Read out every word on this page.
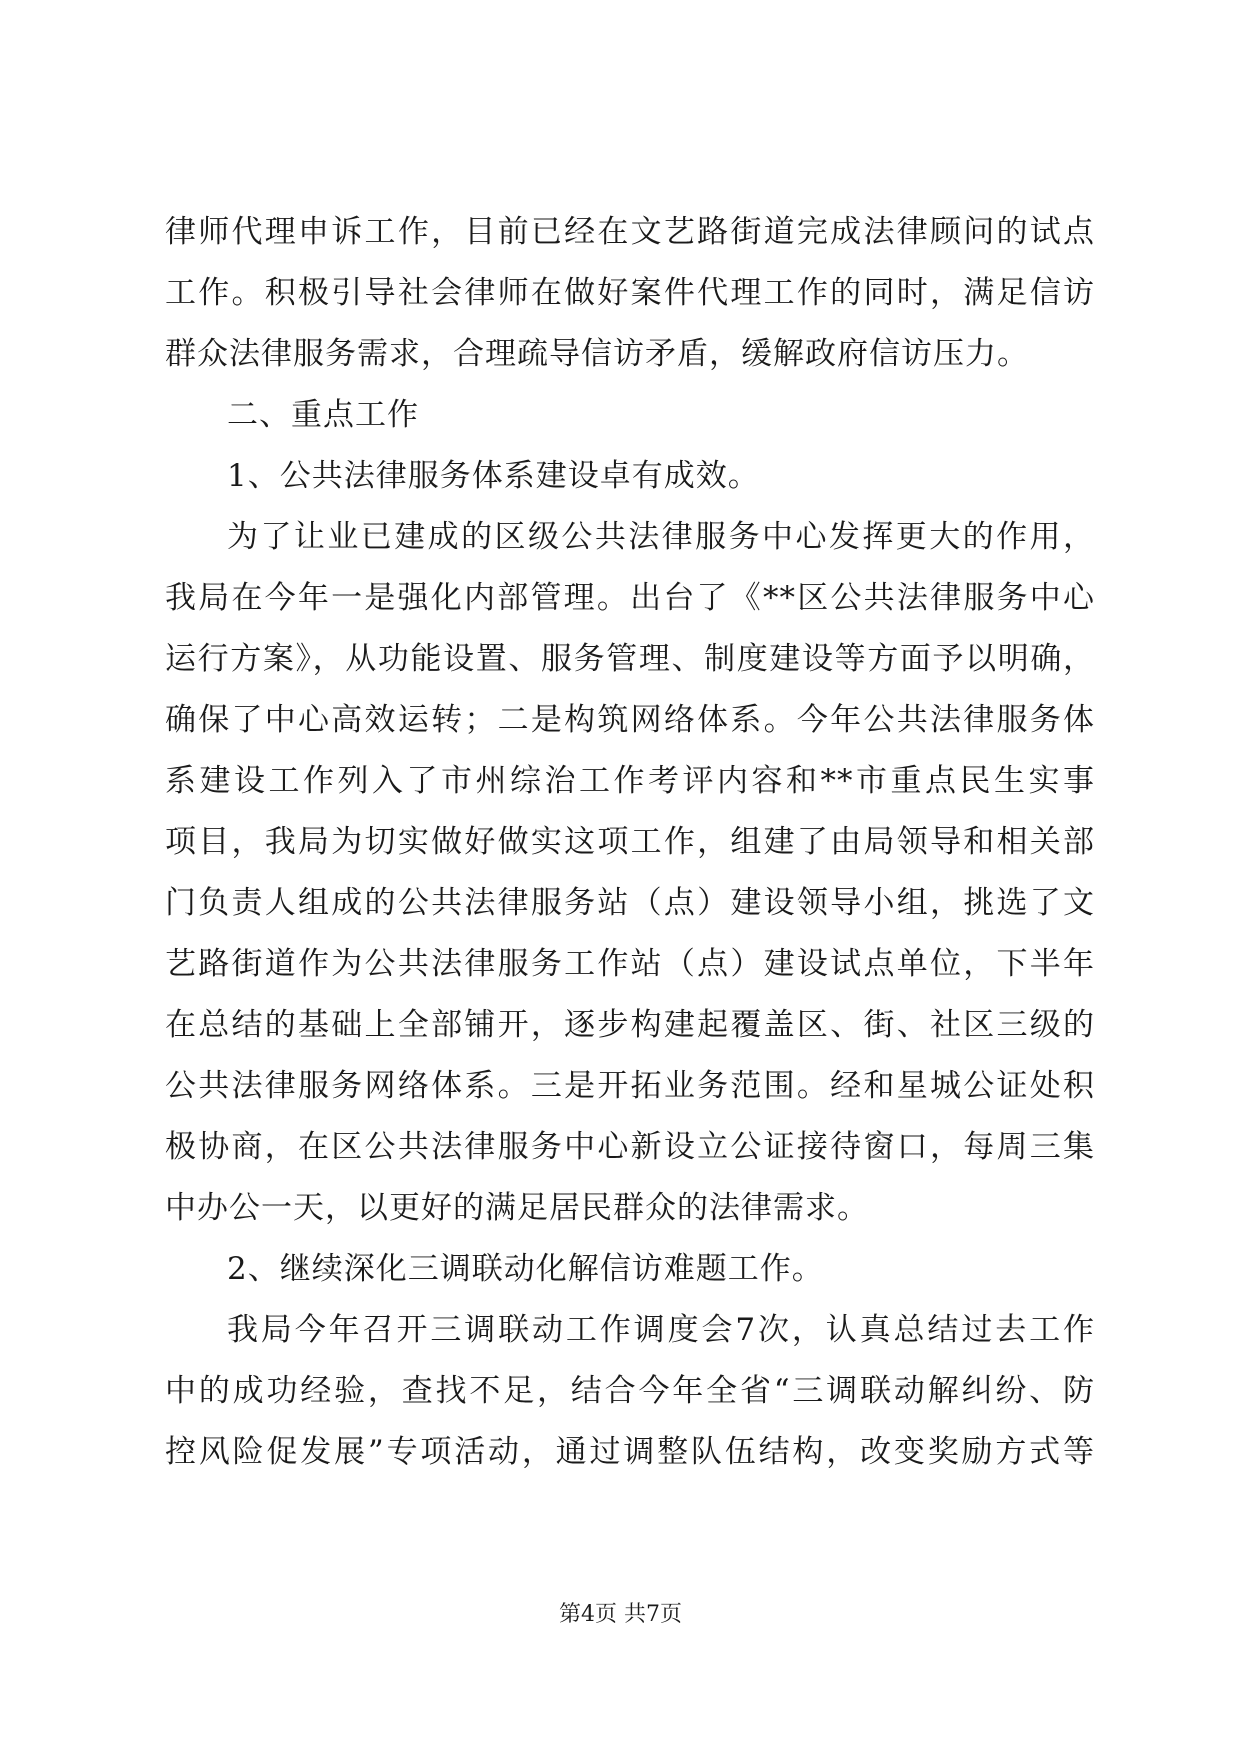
律师代理申诉工作，目前已经在文艺路街道完成法律顾问的试点
工作。积极引导社会律师在做好案件代理工作的同时，满足信访
群众法律服务需求，合理疏导信访矛盾，缓解政府信访压力。
二、重点工作
1、公共法律服务体系建设卓有成效。
为了让业已建成的区级公共法律服务中心发挥更大的作用，
我局在今年一是强化内部管理。出台了《**区公共法律服务中心
运行方案》，从功能设置、服务管理、制度建设等方面予以明确，
确保了中心高效运转；二是构筑网络体系。今年公共法律服务体
系建设工作列入了市州综治工作考评内容和**市重点民生实事
项目，我局为切实做好做实这项工作，组建了由局领导和相关部
门负责人组成的公共法律服务站（点）建设领导小组，挑选了文
艺路街道作为公共法律服务工作站（点）建设试点单位，下半年
在总结的基础上全部铺开，逐步构建起覆盖区、街、社区三级的
公共法律服务网络体系。三是开拓业务范围。经和星城公证处积
极协商，在区公共法律服务中心新设立公证接待窗口，每周三集
中办公一天，以更好的满足居民群众的法律需求。
2、继续深化三调联动化解信访难题工作。
我局今年召开三调联动工作调度会7次，认真总结过去工作
中的成功经验，查找不足，结合今年全省“三调联动解纠纷、防
控风险促发展”专项活动，通过调整队伍结构，改变奖励方式等
第4页 共7页
